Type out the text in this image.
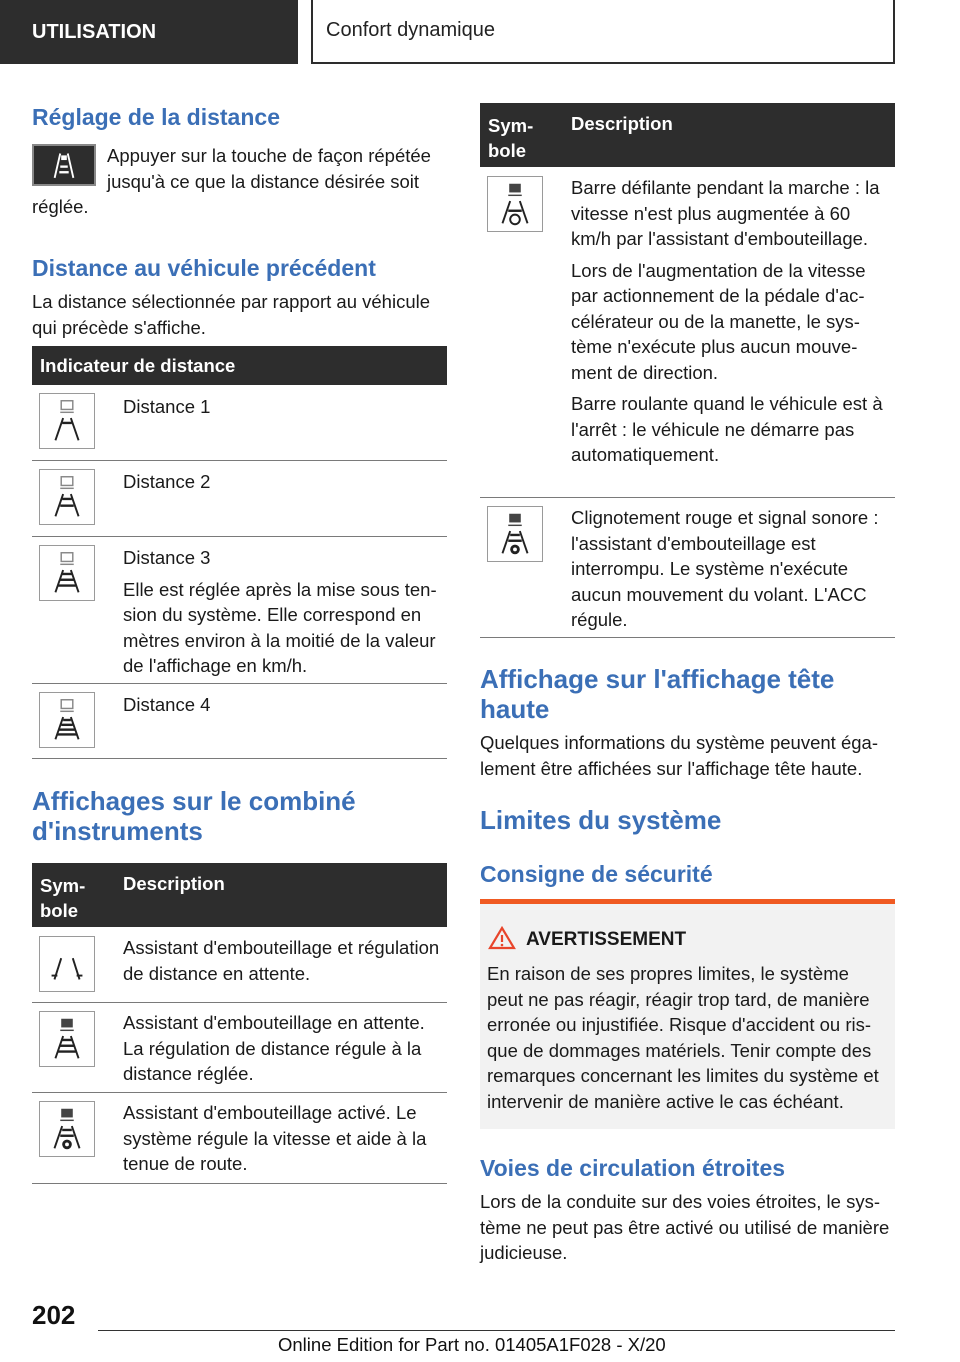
UTILISATION	Confort dynamique
Réglage de la distance

Appuyer sur la touche de façon répétée

jusqu'à ce que la distance désirée soit

réglée.

Distance au véhicule précédent

La distance sélectionnée par rapport au véhicule qui précède s'affiche.

Indicateur de distance
Distance 1
Distance 2
Distance 3
Elle est réglée après la mise sous tension du système. Elle correspond en mètres environ à la moitié de la valeur de l'affichage en km/h.
Distance 4
Affichages sur le combiné
d'instruments
Symbole
Description
Assistant d'embouteillage et régulation de distance en attente.
Assistant d'embouteillage en attente. La régulation de distance régule à la distance réglée.
Assistant d'embouteillage activé. Le système régule la vitesse et aide à la tenue de route.
Symbole
Description
Barre défilante pendant la marche : la vitesse n'est plus augmentée à 60 km/h par l'assistant d'embouteillage.
Lors de l'augmentation de la vitesse par actionnement de la pédale d'accélérateur ou de la manette, le système n'exécute plus aucun mouvement de direction.
Barre roulante quand le véhicule est à l'arrêt : le véhicule ne démarre pas automatiquement.
Clignotement rouge et signal sonore : l'assistant d'embouteillage est interrompu. Le système n'exécute aucun mouvement du volant. L'ACC régule.
Affichage sur l'affichage tête
haute

Quelques informations du système peuvent également être affichées sur l'affichage tête haute.

Limites du système
Consigne de sécurité
AVERTISSEMENT
En raison de ses propres limites, le système peut ne pas réagir, réagir trop tard, de manière erronée ou injustifiée. Risque d'accident ou risque de dommages matériels. Tenir compte des remarques concernant les limites du système et intervenir de manière active le cas échéant.
Voies de circulation étroites

Lors de la conduite sur des voies étroites, le système ne peut pas être activé ou utilisé de manière judicieuse.

202
Online Edition for Part no. 01405A1F028 - X/20
